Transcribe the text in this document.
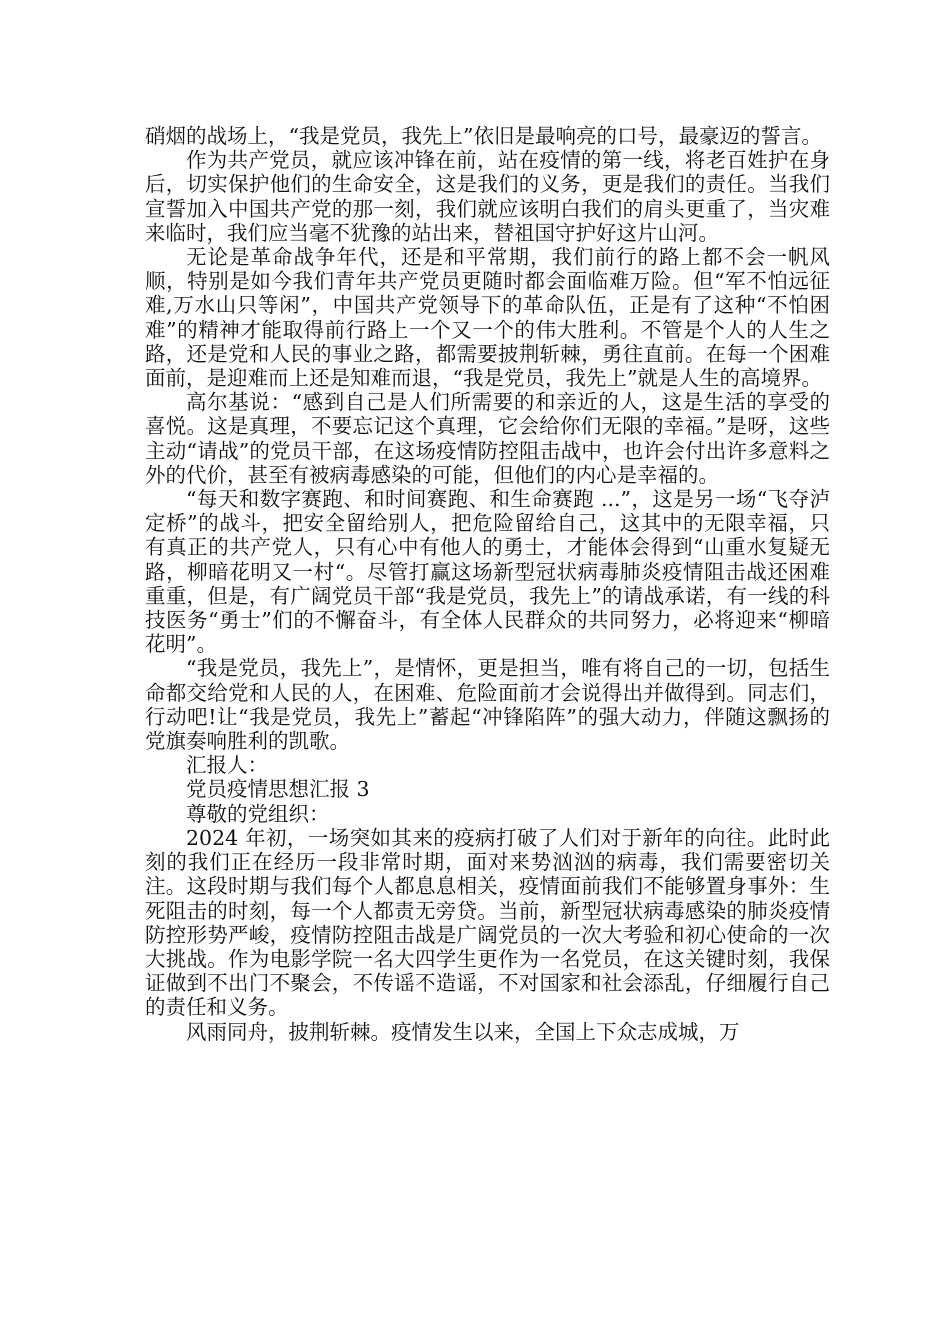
硝烟的战场上，“我是党员，我先上”依旧是最响亮的口号，最豪迈的誓言。

作为共产党员，就应该冲锋在前，站在疫情的第一线，将老百姓护在身后，切实保护他们的生命安全，这是我们的义务，更是我们的责任。当我们宣誓加入中国共产党的那一刻，我们就应该明白我们的肩头更重了，当灾难来临时，我们应当毫不犹豫的站出来，替祖国守护好这片山河。

无论是革命战争年代，还是和平常期，我们前行的路上都不会一帆风顺，特别是如今我们青年共产党员更随时都会面临难万险。但“军不怕远征难,万水山只等闲”，中国共产党领导下的革命队伍，正是有了这种“不怕困难”的精神才能取得前行路上一个又一个的伟大胜利。不管是个人的人生之路，还是党和人民的事业之路，都需要披荆斩棘，勇往直前。在每一个困难面前，是迎难而上还是知难而退，“我是党员，我先上”就是人生的高境界。

高尔基说：“感到自己是人们所需要的和亲近的人，这是生活的享受的喜悦。这是真理，不要忘记这个真理，它会给你们无限的幸福。”是呀，这些主动“请战”的党员干部，在这场疫情防控阻击战中，也许会付出许多意料之外的代价，甚至有被病毒感染的可能，但他们的内心是幸福的。

“每天和数字赛跑、和时间赛跑、和生命赛跑 ...”，这是另一场“飞夺泸定桥”的战斗，把安全留给别人，把危险留给自己，这其中的无限幸福，只有真正的共产党人，只有心中有他人的勇士，才能体会得到“山重水复疑无路，柳暗花明又一村“。尽管打赢这场新型冠状病毒肺炎疫情阻击战还困难重重，但是，有广阔党员干部“我是党员，我先上”的请战承诺，有一线的科技医务“勇士”们的不懈奋斗，有全体人民群众的共同努力，必将迎来“柳暗花明”。

“我是党员，我先上”，是情怀，更是担当，唯有将自己的一切，包括生命都交给党和人民的人，在困难、危险面前才会说得出并做得到。同志们，行动吧!让“我是党员，我先上”蓄起“冲锋陷阵”的强大动力，伴随这飘扬的党旗奏响胜利的凯歌。

汇报人：

党员疫情思想汇报 3

尊敬的党组织：

2024 年初，一场突如其来的疫病打破了人们对于新年的向往。此时此刻的我们正在经历一段非常时期，面对来势汹汹的病毒，我们需要密切关注。这段时期与我们每个人都息息相关，疫情面前我们不能够置身事外：生死阻击的时刻，每一个人都责无旁贷。当前，新型冠状病毒感染的肺炎疫情防控形势严峻，疫情防控阻击战是广阔党员的一次大考验和初心使命的一次大挑战。作为电影学院一名大四学生更作为一名党员，在这关键时刻，我保证做到不出门不聚会，不传谣不造谣，不对国家和社会添乱，仔细履行自己的责任和义务。

风雨同舟，披荆斩棘。疫情发生以来，全国上下众志成城，万
